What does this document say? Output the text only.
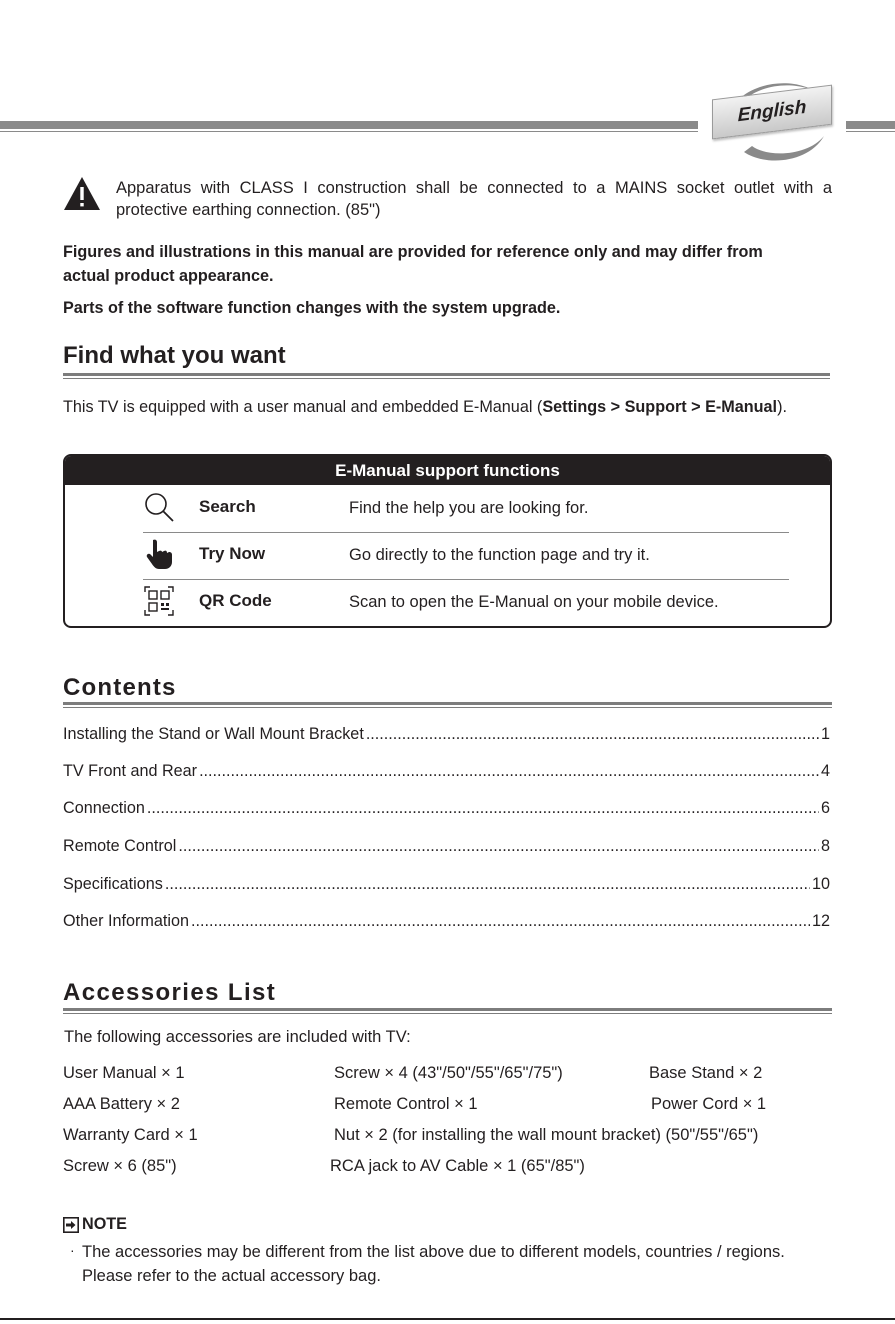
English
Apparatus with CLASS I construction shall be connected to a MAINS socket outlet with a protective earthing connection. (85")
Figures and illustrations in this manual are provided for reference only and may differ from actual product appearance.
Parts of the software function changes with the system upgrade.
Find what you want
This TV is equipped with a user manual and embedded E-Manual (Settings > Support > E-Manual).
E-Manual support functions
Search	Find the help you are looking for.
Try Now	Go directly to the function page and try it.
QR Code	Scan to open the E-Manual on your mobile device.
Contents
Installing the Stand or Wall Mount Bracket .....	1
TV Front and Rear .....	4
Connection .....	6
Remote Control .....	8
Specifications .....	10
Other Information .....	12
Accessories List
The following accessories are included with TV:
User Manual × 1	Screw × 4 (43"/50"/55"/65"/75")	Base Stand × 2
AAA Battery × 2	Remote Control × 1	Power Cord × 1
Warranty Card × 1	Nut × 2 (for installing the wall mount bracket) (50"/55"/65")
Screw × 6 (85")	RCA jack to AV Cable × 1 (65"/85")
NOTE
· The accessories may be different from the list above due to different models, countries / regions. Please refer to the actual accessory bag.
